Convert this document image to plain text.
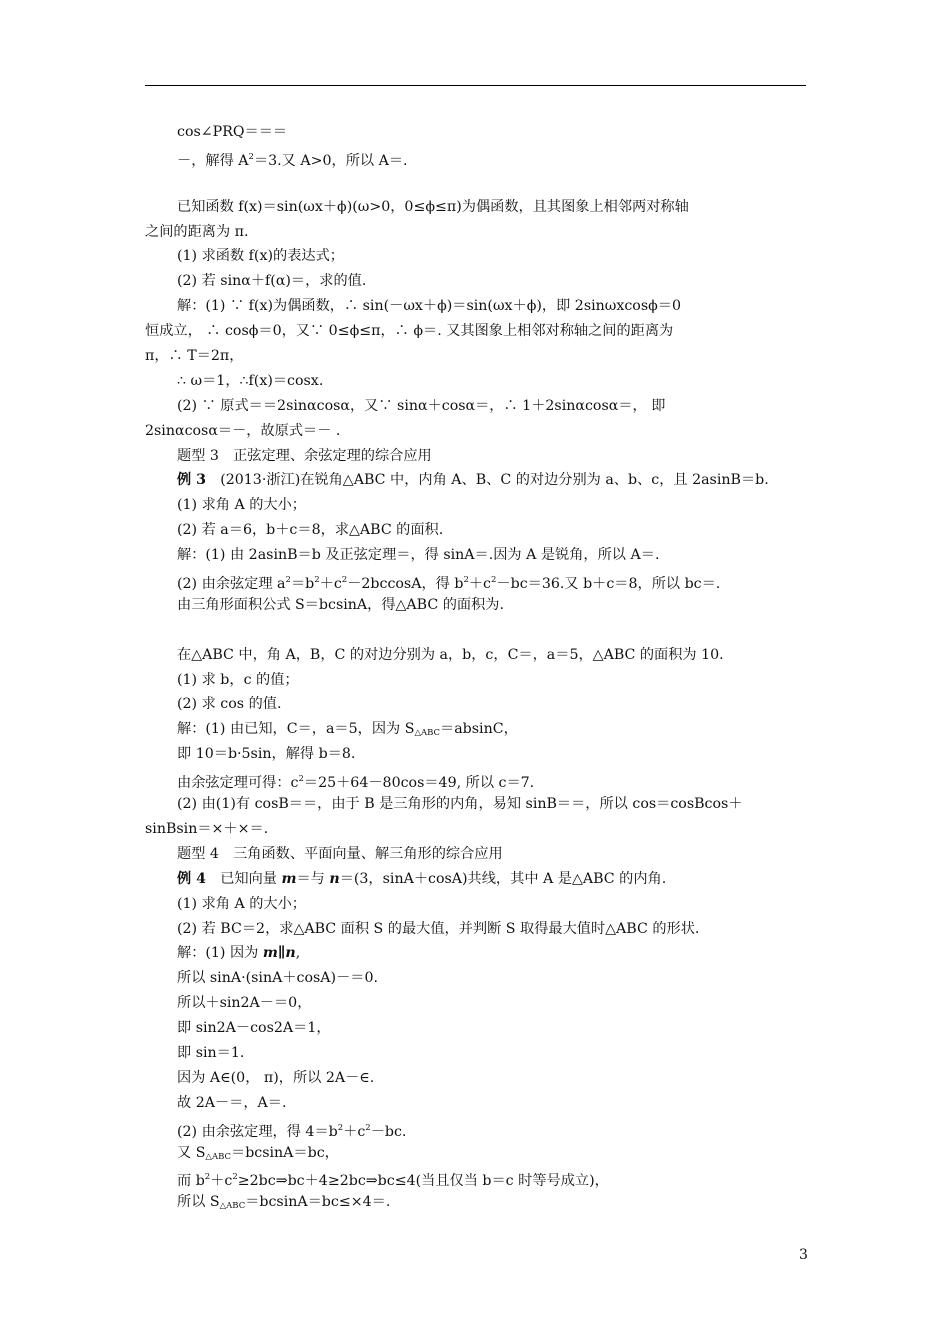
cos∠PRQ＝＝＝
－，解得 $A^2=3$.又 A>0，所以 A＝.
已知函数 f(x)＝sin(ωx＋ϕ)(ω>0，0≤ϕ≤π)为偶函数，且其图象上相邻两对称轴
之间的距离为 π.
(1) 求函数 f(x)的表达式；
(2) 若 sinα＋f(α)＝，求的值.
解：(1) ∵ f(x)为偶函数，∴ sin(－ωx＋ϕ)＝sin(ωx＋ϕ)，即 2sinωxcosϕ＝0
恒成立， ∴ cosϕ＝0，又∵ 0≤ϕ≤π，∴ ϕ＝. 又其图象上相邻对称轴之间的距离为
π，∴ T＝2π，
∴ ω＝1，∴f(x)＝cosx.
(2) ∵ 原式＝＝2sinαcosα，又∵ sinα＋cosα＝，∴ 1＋2sinαcosα＝， 即
2sinαcosα＝－，故原式＝－ .
题型 3　正弦定理、余弦定理的综合应用
例 3　(2013·浙江)在锐角△ABC 中，内角 A、B、C 的对边分别为 a、b、c，且 2asinB＝b.
(1) 求角 A 的大小；
(2) 若 a＝6，b＋c＝8，求△ABC 的面积.
解：(1) 由 2asinB＝b 及正弦定理＝，得 sinA＝.因为 A 是锐角，所以 A＝.
(2) 由余弦定理 $a^2=b^2+c^2-2bccosA$，得 $b^2+c^2-bc=36$.又 b＋c＝8，所以 bc＝.
由三角形面积公式 S＝bcsinA，得△ABC 的面积为.
在△ABC 中，角 A，B，C 的对边分别为 a，b，c，C＝，a＝5，△ABC 的面积为 10.
(1) 求 b，c 的值；
(2) 求 cos 的值.
解：(1) 由已知，C＝，a＝5，因为 $S_{\triangle ABC}=absinC$，
即 10＝b·5sin，解得 b＝8.
由余弦定理可得：$c^2=25+64-80\cos=49$, 所以 c＝7.
(2) 由(1)有 cosB＝＝，由于 B 是三角形的内角，易知 sinB＝＝，所以 cos＝cosBcos＋
sinBsin＝×＋×＝.
题型 4　三角函数、平面向量、解三角形的综合应用
例 4　已知向量 m＝与 n＝(3，sinA＋cosA)共线，其中 A 是△ABC 的内角.
(1) 求角 A 的大小；
(2) 若 BC＝2，求△ABC 面积 S 的最大值，并判断 S 取得最大值时△ABC 的形状.
解：(1) 因为 m∥n,
所以 sinA·(sinA＋cosA)－＝0.
所以＋sin2A－＝0，
即 sin2A－cos2A＝1，
即 sin＝1.
因为 A∈(0， π)，所以 2A－∈.
故 2A－＝，A＝.
(2) 由余弦定理，得 $4=b^2+c^2-bc$.
又 $S_{\triangle ABC}=bcsinA=bc$，
而 $b^2+c^2\ge 2bc\Rightarrow bc+4\ge 2bc\Rightarrow bc\le 4$(当且仅当 b＝c 时等号成立)，
所以 $S_{\triangle ABC}=bcsinA=bc\le\times 4=$.
3
